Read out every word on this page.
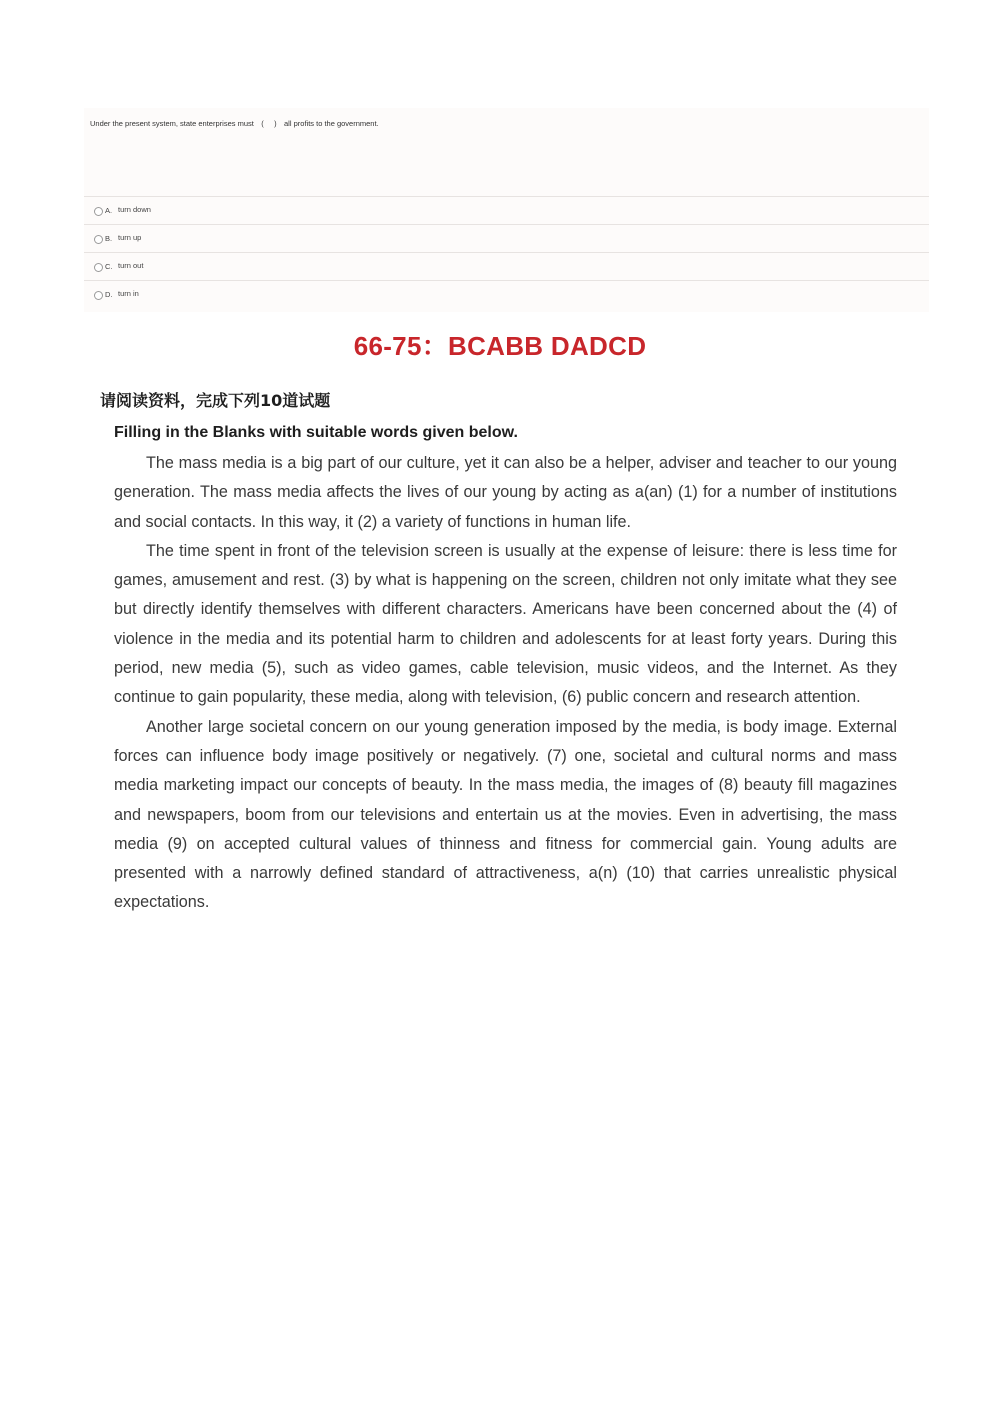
Under the present system, state enterprises must ( ) all profits to the government.
A. turn down
B. turn up
C. turn out
D. turn in
66-75：BCABB DADCD
请阅读资料，完成下列10道试题
Filling in the Blanks with suitable words given below.

The mass media is a big part of our culture, yet it can also be a helper, adviser and teacher to our young generation. The mass media affects the lives of our young by acting as a(an) (1) for a number of institutions and social contacts. In this way, it (2) a variety of functions in human life.

The time spent in front of the television screen is usually at the expense of leisure: there is less time for games, amusement and rest. (3) by what is happening on the screen, children not only imitate what they see but directly identify themselves with different characters. Americans have been concerned about the (4) of violence in the media and its potential harm to children and adolescents for at least forty years. During this period, new media (5), such as video games, cable television, music videos, and the Internet. As they continue to gain popularity, these media, along with television, (6) public concern and research attention.

Another large societal concern on our young generation imposed by the media, is body image. External forces can influence body image positively or negatively. (7) one, societal and cultural norms and mass media marketing impact our concepts of beauty. In the mass media, the images of (8) beauty fill magazines and newspapers, boom from our televisions and entertain us at the movies. Even in advertising, the mass media (9) on accepted cultural values of thinness and fitness for commercial gain. Young adults are presented with a narrowly defined standard of attractiveness, a(n) (10) that carries unrealistic physical expectations.
